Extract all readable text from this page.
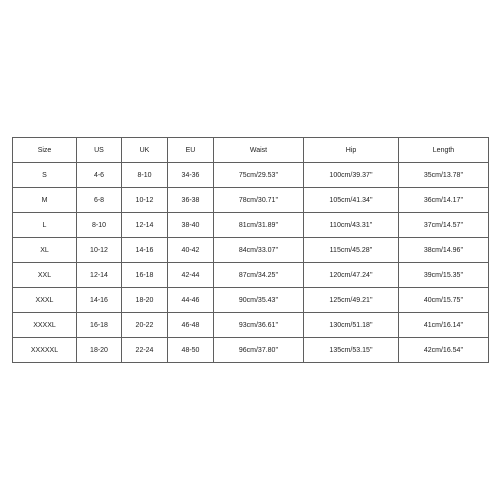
Size	US	UK	EU	Waist	Hip	Length
S	4-6	8-10	34-36	75cm/29.53''	100cm/39.37''	35cm/13.78''
M	6-8	10-12	36-38	78cm/30.71''	105cm/41.34''	36cm/14.17''
L	8-10	12-14	38-40	81cm/31.89''	110cm/43.31''	37cm/14.57''
XL	10-12	14-16	40-42	84cm/33.07''	115cm/45.28''	38cm/14.96''
XXL	12-14	16-18	42-44	87cm/34.25''	120cm/47.24''	39cm/15.35''
XXXL	14-16	18-20	44-46	90cm/35.43''	125cm/49.21''	40cm/15.75''
XXXXL	16-18	20-22	46-48	93cm/36.61''	130cm/51.18''	41cm/16.14''
XXXXXL	18-20	22-24	48-50	96cm/37.80''	135cm/53.15''	42cm/16.54''
